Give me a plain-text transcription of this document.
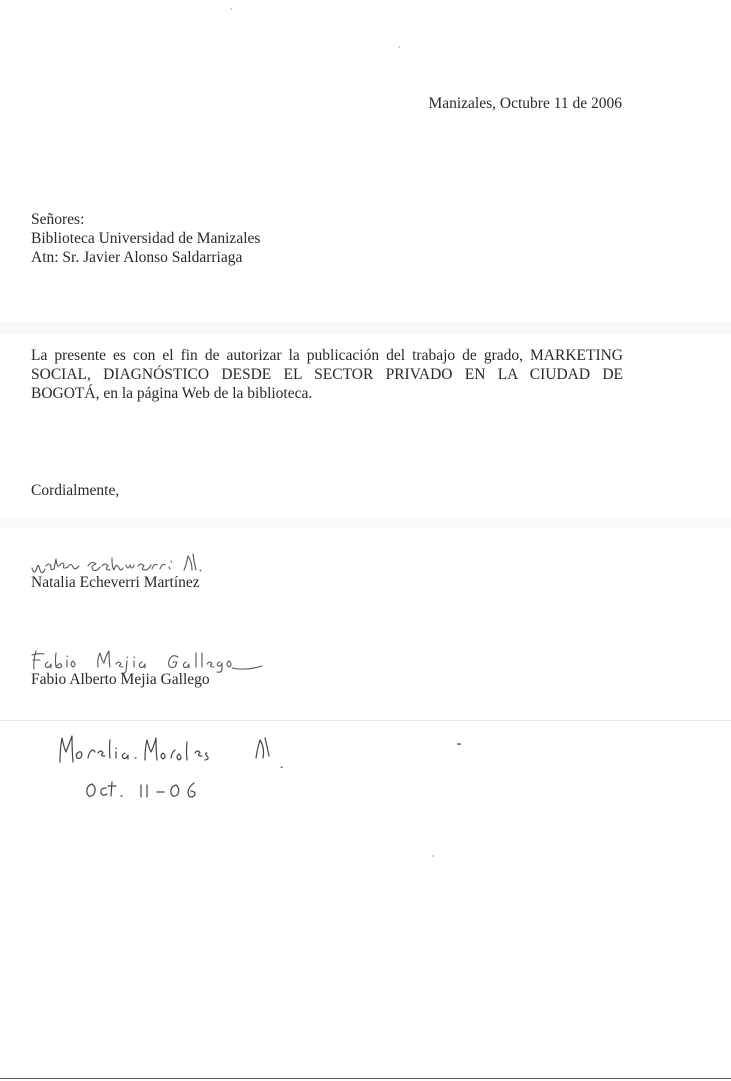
Manizales, Octubre 11 de 2006
Señores:
Biblioteca Universidad de Manizales
Atn: Sr. Javier Alonso Saldarriaga
La presente es con el fin de autorizar la publicación del trabajo de grado, MARKETING
SOCIAL, DIAGNÓSTICO DESDE EL SECTOR PRIVADO EN LA CIUDAD DE
BOGOTÁ, en la página Web de la biblioteca.
Cordialmente,
Natalia Echeverri Martínez
Fabio Alberto Mejia Gallego
